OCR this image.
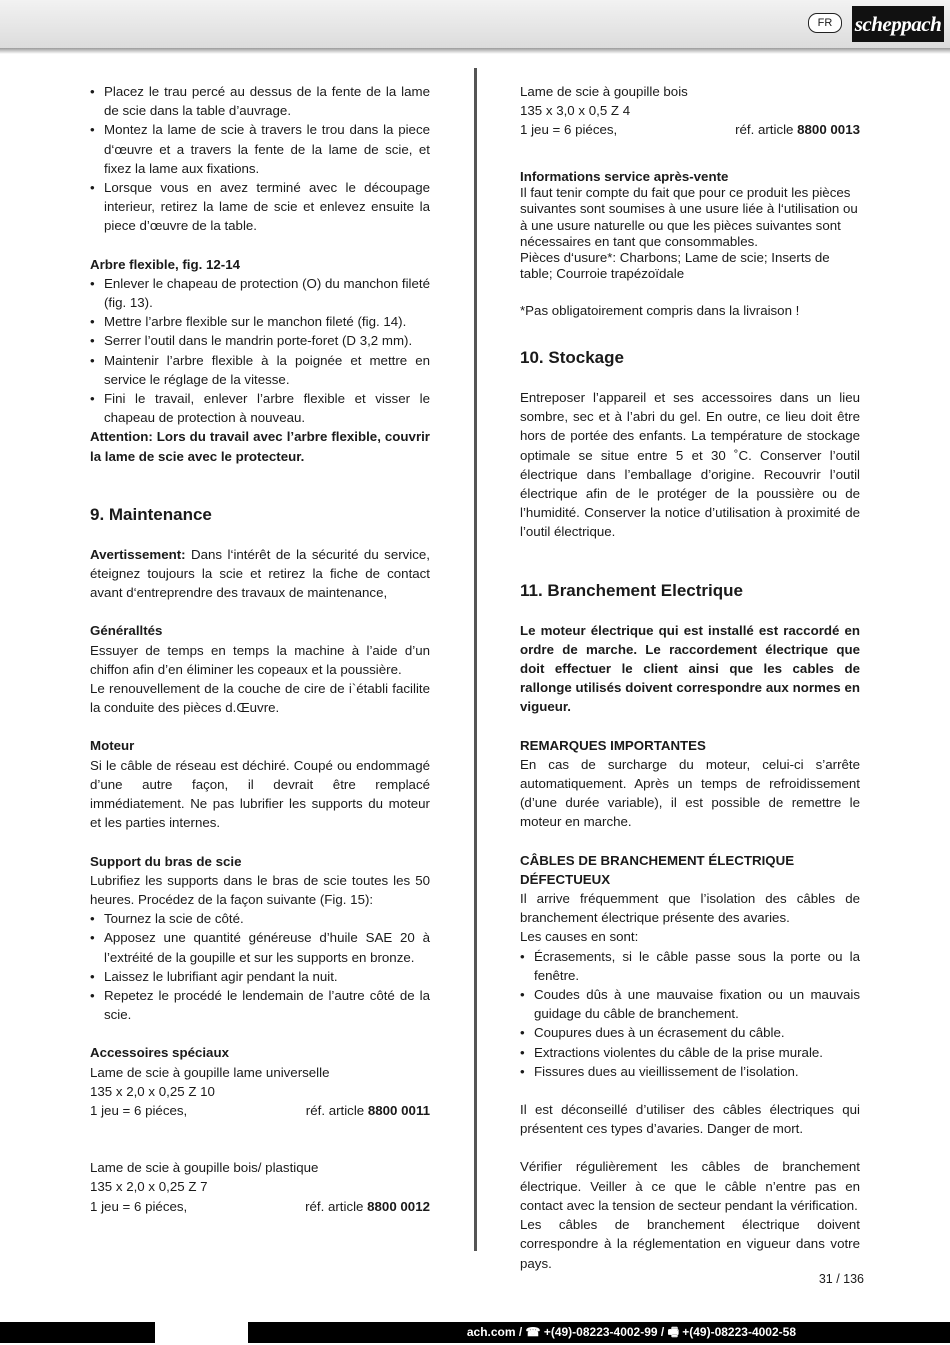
FR	scheppach
• Placez le trau percé au dessus de la fente de la lame de scie dans la table d’auvrage.
• Montez la lame de scie à travers le trou dans la piece d‘œuvre et a travers la fente de la lame de scie, et fixez la lame aux fixations.
• Lorsque vous en avez terminé avec le découpage interieur, retirez la lame de scie et enlevez ensuite la piece d’œuvre de la table.

Arbre flexible, fig. 12-14

• Enlever le chapeau de protection (O) du manchon fileté (fig. 13).
• Mettre l’arbre flexible sur le manchon fileté (fig. 14).
• Serrer l’outil dans le mandrin porte-foret (D 3,2 mm).
• Maintenir l’arbre flexible à la poignée et mettre en service le réglage de la vitesse.
• Fini le travail, enlever l’arbre flexible et visser le chapeau de protection à nouveau.

Attention: Lors du travail avec l’arbre flexible, couvrir la lame de scie avec le protecteur.

9. Maintenance

Avertissement: Dans l‘intérêt de la sécurité du service, éteignez toujours la scie et retirez la fiche de contact avant d‘entreprendre des travaux de maintenance,

Généralltés

Essuyer de temps en temps la machine à l’aide d’un chiffon afin d’en éliminer les copeaux et la poussière.

Le renouvellement de la couche de cire de i`établi facilite la conduite des pièces d.Œuvre.

Moteur

Si le câble de réseau est déchiré. Coupé ou endommagé d’une autre façon, il devrait être remplacé immédiatement. Ne pas lubrifier les supports du moteur et les parties internes.

Support du bras de scie

Lubrifiez les supports dans le bras de scie toutes les 50 heures. Procédez de la façon suivante (Fig. 15):

• Tournez la scie de côté.
• Apposez une quantité généreuse d’huile SAE 20 à l’extréité de la goupille et sur les supports en bronze.
• Laissez le lubrifiant agir pendant la nuit.
• Repetez le procédé le lendemain de l’autre côté de la scie.

Accessoires spéciaux

Lame de scie à goupille lame universelle

135 x 2,0 x 0,25 Z 10

1 jeu = 6 piéces,	réf. article 8800 0011

Lame de scie à goupille bois/ plastique

135 x 2,0 x 0,25 Z 7

1 jeu = 6 piéces,	réf. article 8800 0012

Lame de scie à goupille bois

135 x 3,0 x 0,5 Z 4

1 jeu = 6 piéces,	réf. article 8800 0013

Informations service après-vente

Il faut tenir compte du fait que pour ce produit les pièces suivantes sont soumises à une usure liée à l‘utilisation ou à une usure naturelle ou que les pièces suivantes sont nécessaires en tant que consommables.

Pièces d‘usure*: Charbons; Lame de scie; Inserts de table; Courroie trapézoïdale

*Pas obligatoirement compris dans la livraison !

10. Stockage

Entreposer l’appareil et ses accessoires dans un lieu sombre, sec et à l’abri du gel. En outre, ce lieu doit être hors de portée des enfants. La température de stockage optimale se situe entre 5 et 30 ˚C. Conserver l’outil électrique dans l’emballage d’origine. Recouvrir l’outil électrique afin de le protéger de la poussière ou de l’humidité. Conserver la notice d’utilisation à proximité de l’outil électrique.

11. Branchement Electrique

Le moteur électrique qui est installé est raccordé en ordre de marche. Le raccordement électrique que doit effectuer le client ainsi que les cables de rallonge utilisés doivent correspondre aux normes en vigueur.

REMARQUES IMPORTANTES

En cas de surcharge du moteur, celui-ci s’arrête automatiquement. Après un temps de refroidissement (d’une durée variable), il est possible de remettre le moteur en marche.

CÂBLES DE BRANCHEMENT ÉLECTRIQUE DÉFECTUEUX

Il arrive fréquemment que l’isolation des câbles de branchement électrique présente des avaries.

Les causes en sont:

• Écrasements, si le câble passe sous la porte ou la fenêtre.
• Coudes dûs à une mauvaise fixation ou un mauvais guidage du câble de branchement.
• Coupures dues à un écrasement du câble.
• Extractions violentes du câble de la prise murale.
• Fissures dues au vieillissement de l’isolation.

Il est déconseillé d’utiliser des câbles électriques qui présentent ces types d’avaries. Danger de mort.

Vérifier régulièrement les câbles de branchement électrique. Veiller à ce que le câble n’entre pas en contact avec la tension de secteur pendant la vérification.

Les câbles de branchement électrique doivent correspondre à la réglementation en vigueur dans votre pays.

31 / 136
ach.com / ☎ +(49)-08223-4002-99 / 🖷 +(49)-08223-4002-58
